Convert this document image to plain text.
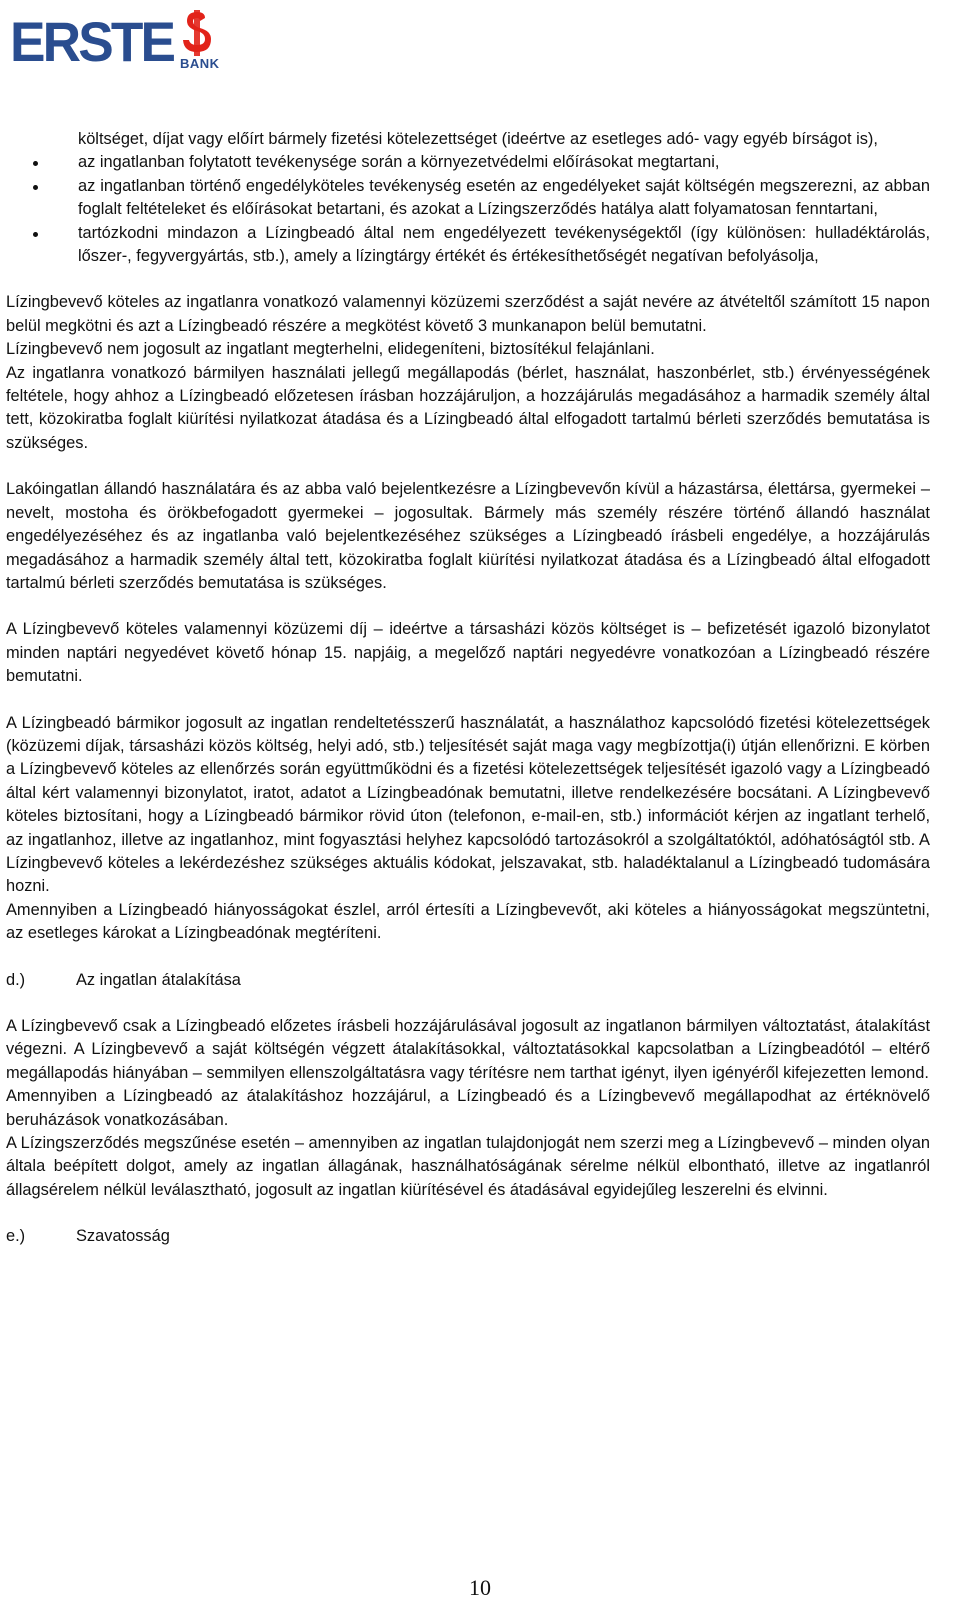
ERSTE BANK

költséget, díjat vagy előírt bármely fizetési kötelezettséget (ideértve az esetleges adó- vagy egyéb bírságot is),

az ingatlanban folytatott tevékenysége során a környezetvédelmi előírásokat megtartani,

az ingatlanban történő engedélyköteles tevékenység esetén az engedélyeket saját költségén megszerezni, az abban foglalt feltételeket és előírásokat betartani, és azokat a Lízingszerződés hatálya alatt folyamatosan fenntartani,

tartózkodni mindazon a Lízingbeadó által nem engedélyezett tevékenységektől (így különösen: hulladéktárolás, lőszer-, fegyvergyártás, stb.), amely a lízingtárgy értékét és értékesíthetőségét negatívan befolyásolja,

Lízingbevevő köteles az ingatlanra vonatkozó valamennyi közüzemi szerződést a saját nevére az átvételtől számított 15 napon belül megkötni és azt a Lízingbeadó részére a megkötést követő 3 munkanapon belül bemutatni.

Lízingbevevő nem jogosult az ingatlant megterhelni, elidegeníteni, biztosítékul felajánlani.

Az ingatlanra vonatkozó bármilyen használati jellegű megállapodás (bérlet, használat, haszonbérlet, stb.) érvényességének feltétele, hogy ahhoz a Lízingbeadó előzetesen írásban hozzájáruljon, a hozzájárulás megadásához a harmadik személy által tett, közokiratba foglalt kiürítési nyilatkozat átadása és a Lízingbeadó által elfogadott tartalmú bérleti szerződés bemutatása is szükséges.

Lakóingatlan állandó használatára és az abba való bejelentkezésre a Lízingbevevőn kívül a házastársa, élettársa, gyermekei – nevelt, mostoha és örökbefogadott gyermekei – jogosultak. Bármely más személy részére történő állandó használat engedélyezéséhez és az ingatlanba való bejelentkezéséhez szükséges a Lízingbeadó írásbeli engedélye, a hozzájárulás megadásához a harmadik személy által tett, közokiratba foglalt kiürítési nyilatkozat átadása és a Lízingbeadó által elfogadott tartalmú bérleti szerződés bemutatása is szükséges.

A Lízingbevevő köteles valamennyi közüzemi díj – ideértve a társasházi közös költséget is – befizetését igazoló bizonylatot minden naptári negyedévet követő hónap 15. napjáig, a megelőző naptári negyedévre vonatkozóan a Lízingbeadó részére bemutatni.

A Lízingbeadó bármikor jogosult az ingatlan rendeltetésszerű használatát, a használathoz kapcsolódó fizetési kötelezettségek (közüzemi díjak, társasházi közös költség, helyi adó, stb.) teljesítését saját maga vagy megbízottja(i) útján ellenőrizni. E körben a Lízingbevevő köteles az ellenőrzés során együttműködni és a fizetési kötelezettségek teljesítését igazoló vagy a Lízingbeadó által kért valamennyi bizonylatot, iratot, adatot a Lízingbeadónak bemutatni, illetve rendelkezésére bocsátani. A Lízingbevevő köteles biztosítani, hogy a Lízingbeadó bármikor rövid úton (telefonon, e-mail-en, stb.) információt kérjen az ingatlant terhelő, az ingatlanhoz, illetve az ingatlanhoz, mint fogyasztási helyhez kapcsolódó tartozásokról a szolgáltatóktól, adóhatóságtól stb. A Lízingbevevő köteles a lekérdezéshez szükséges aktuális kódokat, jelszavakat, stb. haladéktalanul a Lízingbeadó tudomására hozni.

Amennyiben a Lízingbeadó hiányosságokat észlel, arról értesíti a Lízingbevevőt, aki köteles a hiányosságokat megszüntetni, az esetleges károkat a Lízingbeadónak megtéríteni.

d.)	Az ingatlan átalakítása

A Lízingbevevő csak a Lízingbeadó előzetes írásbeli hozzájárulásával jogosult az ingatlanon bármilyen változtatást, átalakítást végezni. A Lízingbevevő a saját költségén végzett átalakításokkal, változtatásokkal kapcsolatban a Lízingbeadótól – eltérő megállapodás hiányában – semmilyen ellenszolgáltatásra vagy térítésre nem tarthat igényt, ilyen igényéről kifejezetten lemond.

Amennyiben a Lízingbeadó az átalakításhoz hozzájárul, a Lízingbeadó és a Lízingbevevő megállapodhat az értéknövelő beruházások vonatkozásában.

A Lízingszerződés megszűnése esetén – amennyiben az ingatlan tulajdonjogát nem szerzi meg a Lízingbevevő – minden olyan általa beépített dolgot, amely az ingatlan állagának, használhatóságának sérelme nélkül elbontható, illetve az ingatlanról állagsérelem nélkül leválasztható, jogosult az ingatlan kiürítésével és átadásával egyidejűleg leszerelni és elvinni.

e.)	Szavatosság
10
